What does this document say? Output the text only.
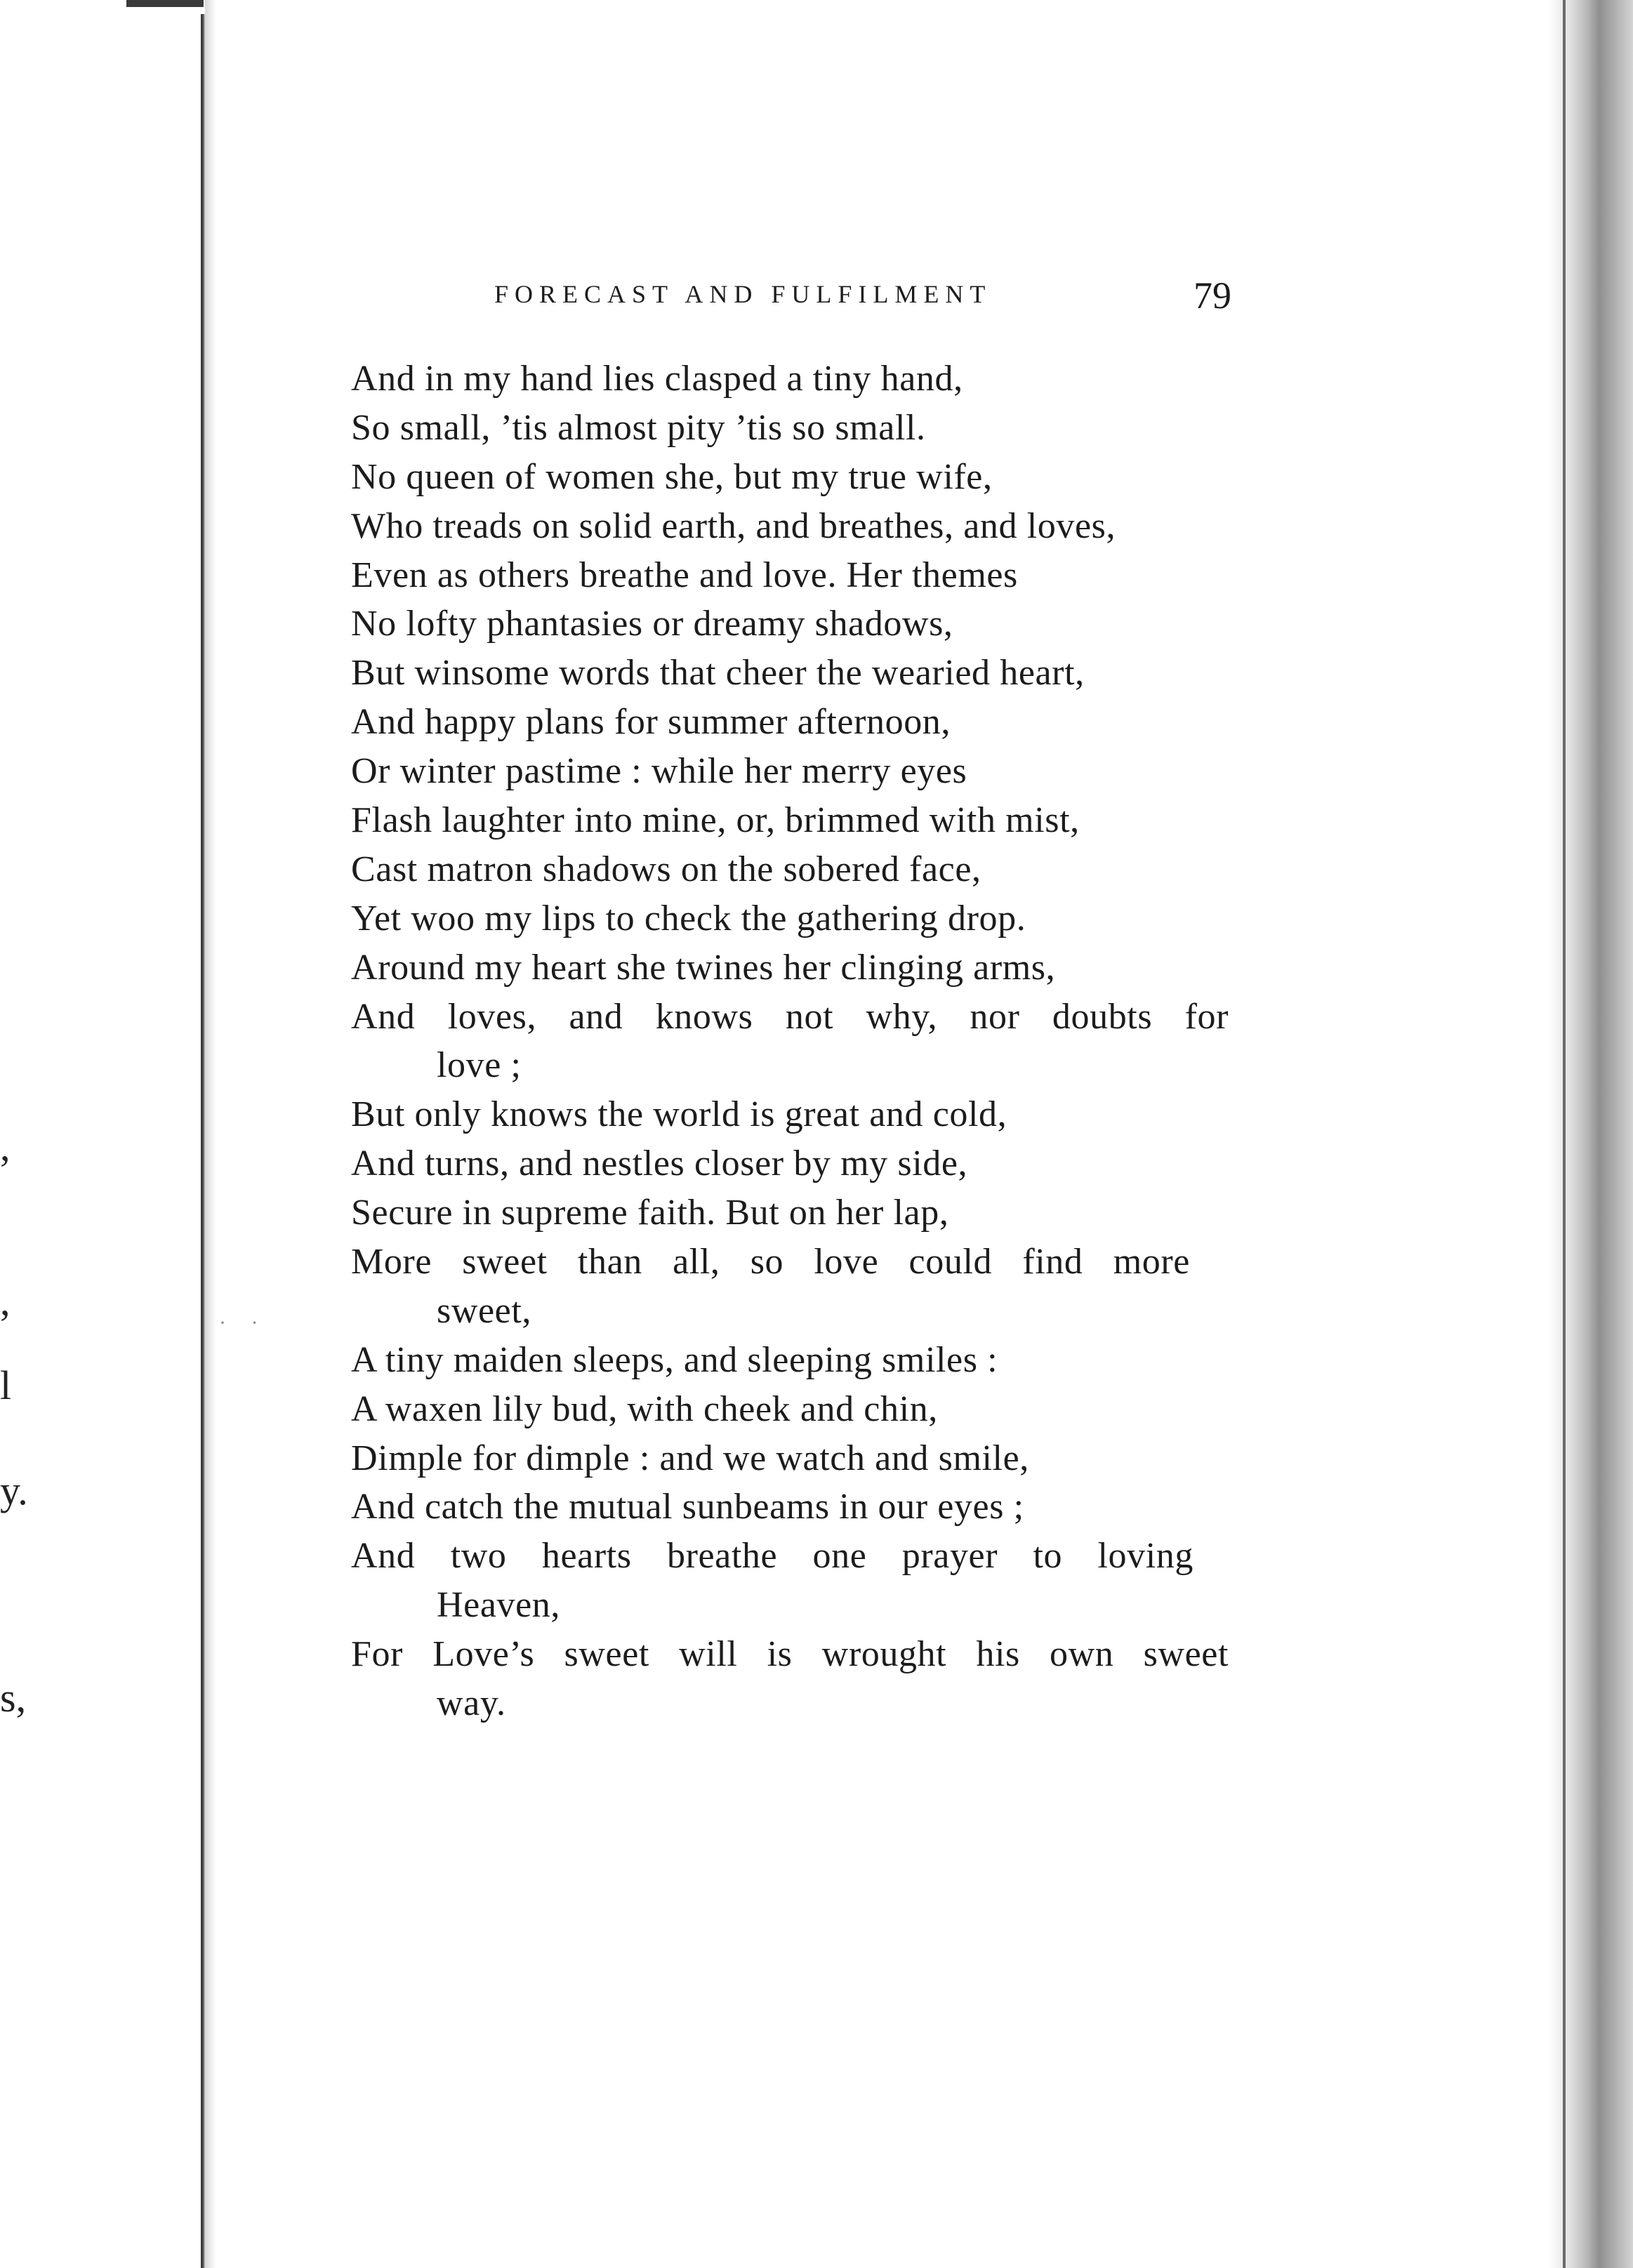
,
,
l
y.
s,
FORECAST AND FULFILMENT	79
And in my hand lies clasped a tiny hand,
So small, ’tis almost pity ’tis so small.
No queen of women she, but my true wife,
Who treads on solid earth, and breathes, and loves,
Even as others breathe and love. Her themes
No lofty phantasies or dreamy shadows,
But winsome words that cheer the wearied heart,
And happy plans for summer afternoon,
Or winter pastime : while her merry eyes
Flash laughter into mine, or, brimmed with mist,
Cast matron shadows on the sobered face,
Yet woo my lips to check the gathering drop.
Around my heart she twines her clinging arms,
And loves, and knows not why, nor doubts for
love ;
But only knows the world is great and cold,
And turns, and nestles closer by my side,
Secure in supreme faith. But on her lap,
More sweet than all, so love could find more
sweet,
A tiny maiden sleeps, and sleeping smiles :
A waxen lily bud, with cheek and chin,
Dimple for dimple : and we watch and smile,
And catch the mutual sunbeams in our eyes ;
And two hearts breathe one prayer to loving
Heaven,
For Love’s sweet will is wrought his own sweet
way.
· ·
